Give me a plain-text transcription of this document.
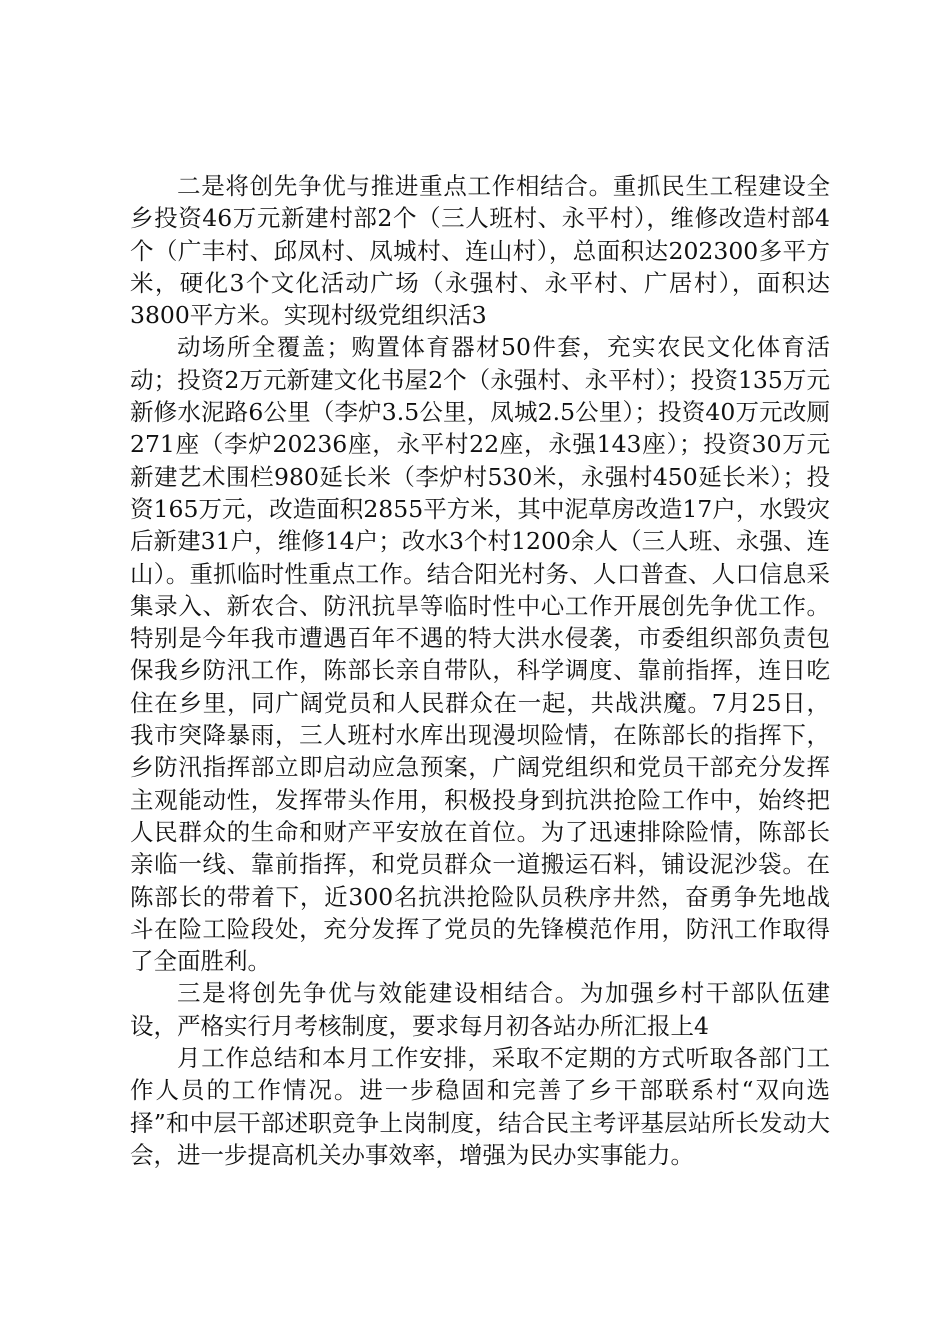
二是将创先争优与推进重点工作相结合。重抓民生工程建设全乡投资46万元新建村部2个（三人班村、永平村），维修改造村部4个（广丰村、邱凤村、凤城村、连山村），总面积达202300多平方米，硬化3个文化活动广场（永强村、永平村、广居村），面积达3800平方米。实现村级党组织活3

动场所全覆盖；购置体育器材50件套，充实农民文化体育活动；投资2万元新建文化书屋2个（永强村、永平村）；投资135万元新修水泥路6公里（李炉3.5公里，凤城2.5公里）；投资40万元改厕271座（李炉20236座，永平村22座，永强143座）；投资30万元新建艺术围栏980延长米（李炉村530米，永强村450延长米）；投资165万元，改造面积2855平方米，其中泥草房改造17户，水毁灾后新建31户，维修14户；改水3个村1200余人（三人班、永强、连山）。重抓临时性重点工作。结合阳光村务、人口普查、人口信息采集录入、新农合、防汛抗旱等临时性中心工作开展创先争优工作。特别是今年我市遭遇百年不遇的特大洪水侵袭，市委组织部负责包保我乡防汛工作，陈部长亲自带队，科学调度、靠前指挥，连日吃住在乡里，同广阔党员和人民群众在一起，共战洪魔。7月25日，我市突降暴雨，三人班村水库出现漫坝险情，在陈部长的指挥下，乡防汛指挥部立即启动应急预案，广阔党组织和党员干部充分发挥主观能动性，发挥带头作用，积极投身到抗洪抢险工作中，始终把人民群众的生命和财产平安放在首位。为了迅速排除险情，陈部长亲临一线、靠前指挥，和党员群众一道搬运石料，铺设泥沙袋。在陈部长的带着下，近300名抗洪抢险队员秩序井然，奋勇争先地战斗在险工险段处，充分发挥了党员的先锋模范作用，防汛工作取得了全面胜利。

三是将创先争优与效能建设相结合。为加强乡村干部队伍建设，严格实行月考核制度，要求每月初各站办所汇报上4

月工作总结和本月工作安排，采取不定期的方式听取各部门工作人员的工作情况。进一步稳固和完善了乡干部联系村“双向选择”和中层干部述职竞争上岗制度，结合民主考评基层站所长发动大会，进一步提高机关办事效率，增强为民办实事能力。
